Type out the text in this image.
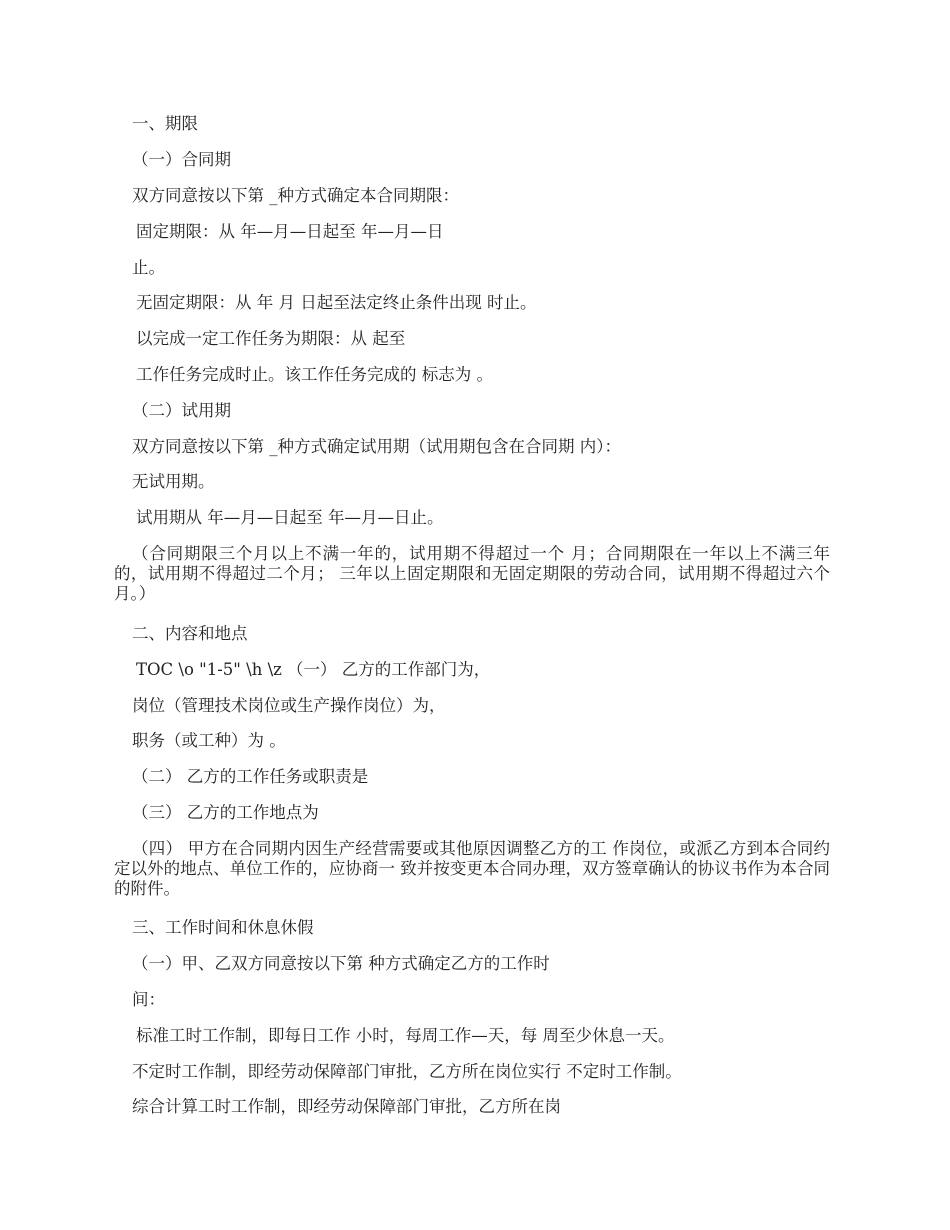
一、期限
（一）合同期
双方同意按以下第 _种方式确定本合同期限：
固定期限：从 年—月—日起至 年—月—日
止。
无固定期限：从 年 月 日起至法定终止条件出现 时止。
以完成一定工作任务为期限：从 起至
工作任务完成时止。该工作任务完成的 标志为 。
（二）试用期
双方同意按以下第 _种方式确定试用期（试用期包含在合同期 内）：
无试用期。
试用期从 年—月—日起至 年—月—日止。
（合同期限三个月以上不满一年的，试用期不得超过一个 月；合同期限在一年以上不满三年的，试用期不得超过二个月； 三年以上固定期限和无固定期限的劳动合同，试用期不得超过六个 月。）
二、内容和地点
TOC \o "1-5" \h \z （一） 乙方的工作部门为，
岗位（管理技术岗位或生产操作岗位）为，
职务（或工种）为 。
（二） 乙方的工作任务或职责是
（三） 乙方的工作地点为
（四） 甲方在合同期内因生产经营需要或其他原因调整乙方的工 作岗位，或派乙方到本合同约定以外的地点、单位工作的，应协商一 致并按变更本合同办理，双方签章确认的协议书作为本合同的附件。
三、工作时间和休息休假
（一）甲、乙双方同意按以下第 种方式确定乙方的工作时
间：
标准工时工作制，即每日工作 小时，每周工作—天，每 周至少休息一天。
不定时工作制，即经劳动保障部门审批，乙方所在岗位实行 不定时工作制。
综合计算工时工作制，即经劳动保障部门审批，乙方所在岗
